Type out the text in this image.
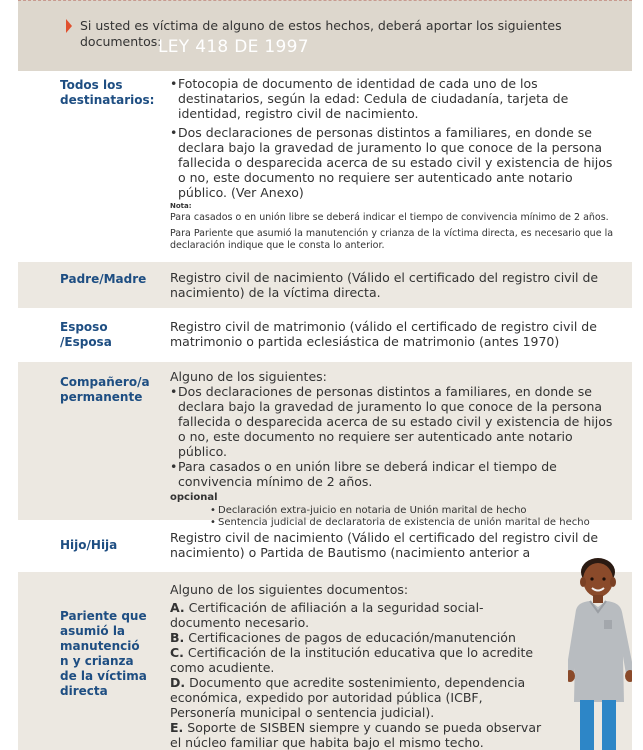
Si usted es víctima de alguno de estos hechos, deberá aportar los siguientes documentos:
LEY 418 DE 1997
Todos los destinatarios:

• Fotocopia de documento de identidad de cada uno de los destinatarios, según la edad: Cedula de ciudadanía, tarjeta de identidad, registro civil de nacimiento.

• Dos declaraciones de personas distintos a familiares, en donde se declara bajo la gravedad de juramento lo que conoce de la persona fallecida o desparecida acerca de su estado civil y existencia de hijos o no, este documento no requiere ser autenticado ante notario público. (Ver Anexo)

Nota:
Para casados o en unión libre se deberá indicar el tiempo de convivencia mínimo de 2 años.
Para Pariente que asumió la manutención y crianza de la víctima directa, es necesario que la declaración indique que le consta lo anterior.
Padre/Madre	Registro civil de nacimiento (Válido el certificado del registro civil de nacimiento) de la víctima directa.
Esposo /Esposa
Registro civil de matrimonio (válido el certificado de registro civil de matrimonio o partida eclesiástica de matrimonio (antes 1970)
Compañero/a permanente
Alguno de los siguientes:

• Dos declaraciones de personas distintos a familiares, en donde se declara bajo la gravedad de juramento lo que conoce de la persona fallecida o desparecida acerca de su estado civil y existencia de hijos o no, este documento no requiere ser autenticado ante notario público.

• Para casados o en unión libre se deberá indicar el tiempo de convivencia mínimo de 2 años.

opcional
• Declaración extra-juicio en notaria de Unión marital de hecho
• Sentencia judicial de declaratoria de existencia de unión marital de hecho
Hijo/Hija	Registro civil de nacimiento (Válido el certificado del registro civil de nacimiento) o Partida de Bautismo (nacimiento anterior a
Pariente que asumió la manutenció n y crianza de la víctima directa
Alguno de los siguientes documentos:
A. Certificación de afiliación a la seguridad social- documento necesario.
B. Certificaciones de pagos de educación/manutención
C. Certificación de la institución educativa que lo acredite como acudiente.
D. Documento que acredite sostenimiento, dependencia económica, expedido por autoridad pública (ICBF, Personería municipal o sentencia judicial).
E. Soporte de SISBEN siempre y cuando se pueda observar el núcleo familiar que habita bajo el mismo techo.
